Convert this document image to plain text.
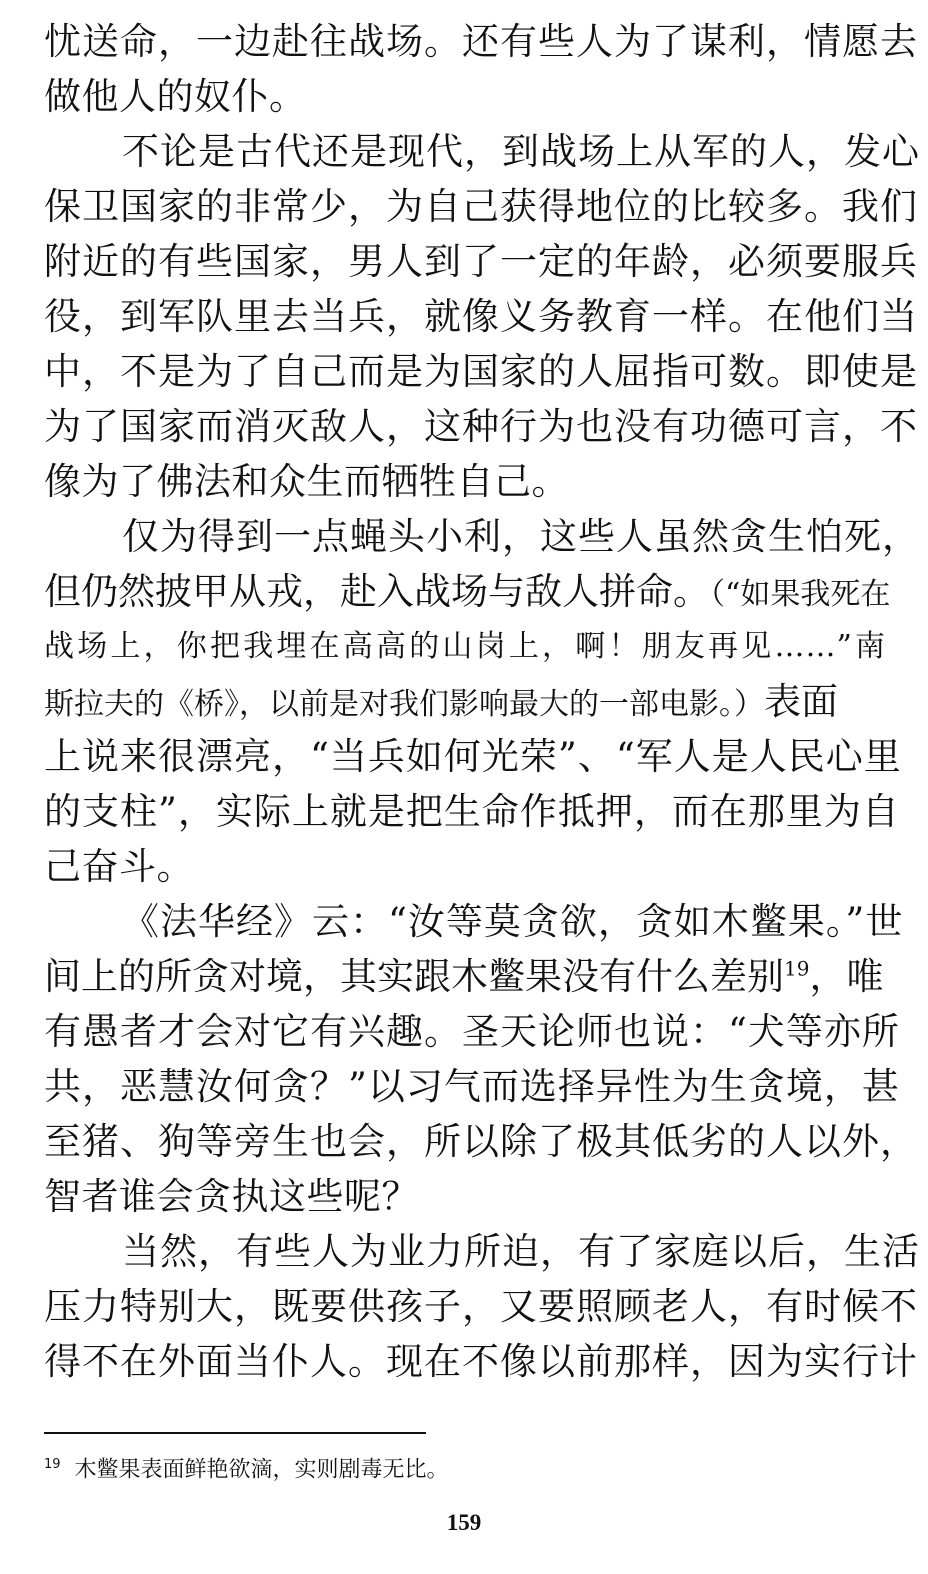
忧送命，一边赴往战场。还有些人为了谋利，情愿去
做他人的奴仆。
不论是古代还是现代，到战场上从军的人，发心
保卫国家的非常少，为自己获得地位的比较多。我们
附近的有些国家，男人到了一定的年龄，必须要服兵
役，到军队里去当兵，就像义务教育一样。在他们当
中，不是为了自己而是为国家的人屈指可数。即使是
为了国家而消灭敌人，这种行为也没有功德可言，不
像为了佛法和众生而牺牲自己。
仅为得到一点蝇头小利，这些人虽然贪生怕死，
但仍然披甲从戎，赴入战场与敌人拼命。（“如果我死在
战场上，你把我埋在高高的山岗上，啊！朋友再见……”南
斯拉夫的《桥》，以前是对我们影响最大的一部电影。）表面
上说来很漂亮，“当兵如何光荣”、“军人是人民心里
的支柱”，实际上就是把生命作抵押，而在那里为自
己奋斗。
《法华经》云：“汝等莫贪欲，贪如木鳖果。”世
间上的所贪对境，其实跟木鳖果没有什么差别$^{19}$，唯
有愚者才会对它有兴趣。圣天论师也说：“犬等亦所
共，恶慧汝何贪？”以习气而选择异性为生贪境，甚
至猪、狗等旁生也会，所以除了极其低劣的人以外，
智者谁会贪执这些呢？
当然，有些人为业力所迫，有了家庭以后，生活
压力特别大，既要供孩子，又要照顾老人，有时候不
得不在外面当仆人。现在不像以前那样，因为实行计
$^{19}$ 木鳖果表面鲜艳欲滴，实则剧毒无比。
159
